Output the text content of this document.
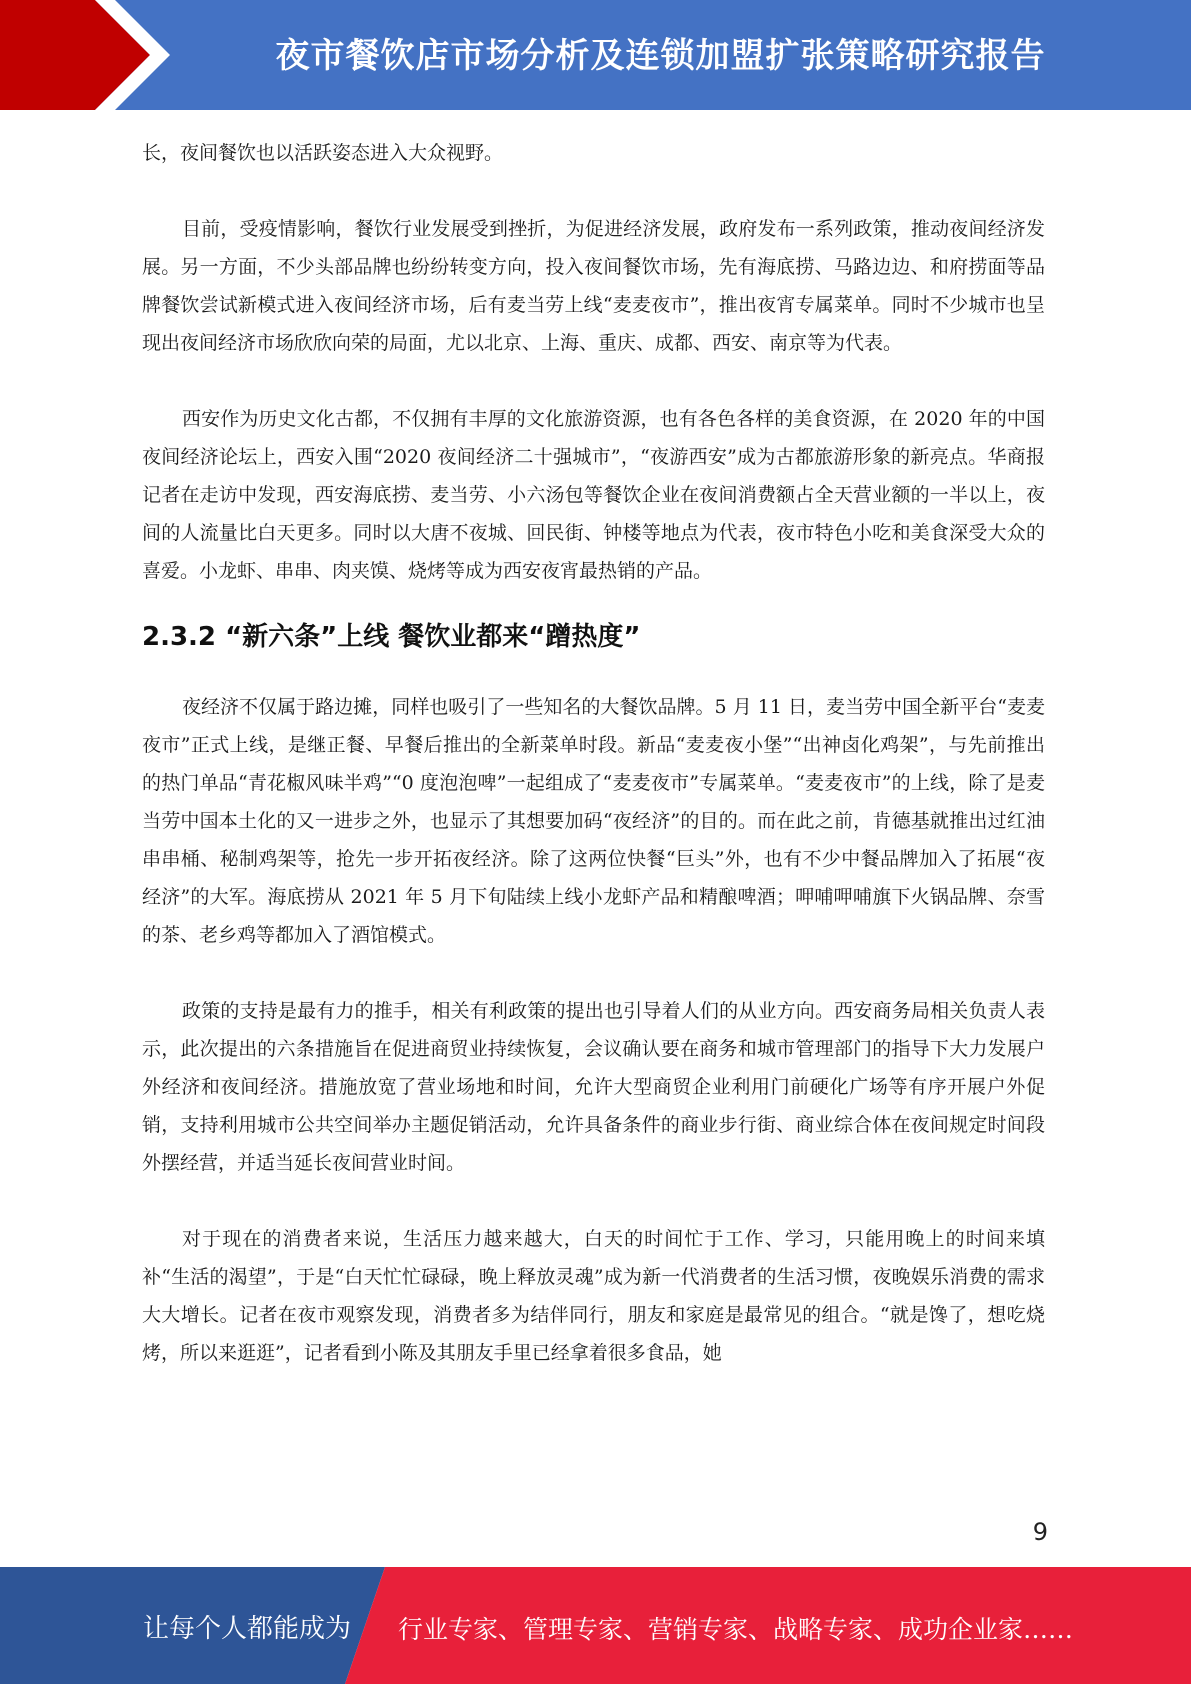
夜市餐饮店市场分析及连锁加盟扩张策略研究报告

长，夜间餐饮也以活跃姿态进入大众视野。

目前，受疫情影响，餐饮行业发展受到挫折，为促进经济发展，政府发布一系列政策，推动夜间经济发展。另一方面，不少头部品牌也纷纷转变方向，投入夜间餐饮市场，先有海底捞、马路边边、和府捞面等品牌餐饮尝试新模式进入夜间经济市场，后有麦当劳上线“麦麦夜市”，推出夜宵专属菜单。同时不少城市也呈现出夜间经济市场欣欣向荣的局面，尤以北京、上海、重庆、成都、西安、南京等为代表。

西安作为历史文化古都，不仅拥有丰厚的文化旅游资源，也有各色各样的美食资源，在 2020 年的中国夜间经济论坛上，西安入围“2020 夜间经济二十强城市”，“夜游西安”成为古都旅游形象的新亮点。华商报记者在走访中发现，西安海底捞、麦当劳、小六汤包等餐饮企业在夜间消费额占全天营业额的一半以上，夜间的人流量比白天更多。同时以大唐不夜城、回民街、钟楼等地点为代表，夜市特色小吃和美食深受大众的喜爱。小龙虾、串串、肉夹馍、烧烤等成为西安夜宵最热销的产品。

2.3.2 “新六条”上线 餐饮业都来“蹭热度”

夜经济不仅属于路边摊，同样也吸引了一些知名的大餐饮品牌。5 月 11 日，麦当劳中国全新平台“麦麦夜市”正式上线，是继正餐、早餐后推出的全新菜单时段。新品“麦麦夜小堡”“出神卤化鸡架”，与先前推出的热门单品“青花椒风味半鸡”“0 度泡泡啤”一起组成了“麦麦夜市”专属菜单。“麦麦夜市”的上线，除了是麦当劳中国本土化的又一进步之外，也显示了其想要加码“夜经济”的目的。而在此之前，肯德基就推出过红油串串桶、秘制鸡架等，抢先一步开拓夜经济。除了这两位快餐“巨头”外，也有不少中餐品牌加入了拓展“夜经济”的大军。海底捞从 2021 年 5 月下旬陆续上线小龙虾产品和精酿啤酒；呷哺呷哺旗下火锅品牌、奈雪的茶、老乡鸡等都加入了酒馆模式。

政策的支持是最有力的推手，相关有利政策的提出也引导着人们的从业方向。西安商务局相关负责人表示，此次提出的六条措施旨在促进商贸业持续恢复，会议确认要在商务和城市管理部门的指导下大力发展户外经济和夜间经济。措施放宽了营业场地和时间，允许大型商贸企业利用门前硬化广场等有序开展户外促销，支持利用城市公共空间举办主题促销活动，允许具备条件的商业步行街、商业综合体在夜间规定时间段外摆经营，并适当延长夜间营业时间。

对于现在的消费者来说，生活压力越来越大，白天的时间忙于工作、学习，只能用晚上的时间来填补“生活的渴望”，于是“白天忙忙碌碌，晚上释放灵魂”成为新一代消费者的生活习惯，夜晚娱乐消费的需求大大增长。记者在夜市观察发现，消费者多为结伴同行，朋友和家庭是最常见的组合。“就是馋了，想吃烧烤，所以来逛逛”，记者看到小陈及其朋友手里已经拿着很多食品，她

9
让每个人都能成为 行业专家、管理专家、营销专家、战略专家、成功企业家……
